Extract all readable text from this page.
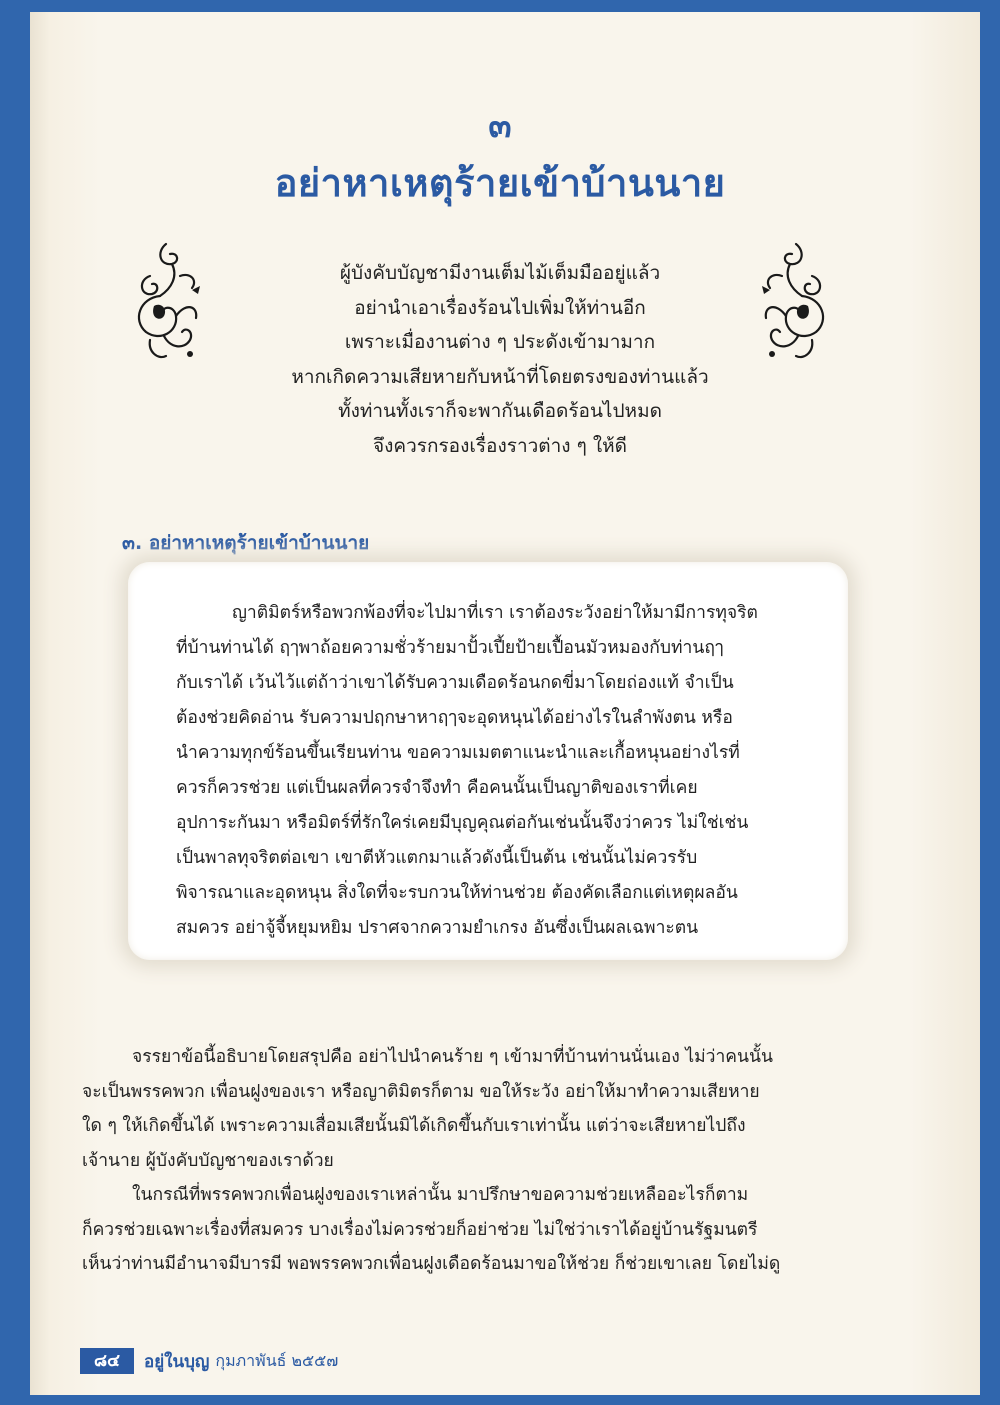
๓
อย่าหาเหตุร้ายเข้าบ้านนาย
ผู้บังคับบัญชามีงานเต็มไม้เต็มมืออยู่แล้ว
อย่านำเอาเรื่องร้อนไปเพิ่มให้ท่านอีก
เพราะเมื่องานต่าง ๆ ประดังเข้ามามาก
หากเกิดความเสียหายกับหน้าที่โดยตรงของท่านแล้ว
ทั้งท่านทั้งเราก็จะพากันเดือดร้อนไปหมด
จึงควรกรองเรื่องราวต่าง ๆ ให้ดี
๓. อย่าหาเหตุร้ายเข้าบ้านนาย
ญาติมิตร์หรือพวกพ้องที่จะไปมาที่เรา เราต้องระวังอย่าให้มามีการทุจริต
ที่บ้านท่านได้ ฤๅพาถ้อยความชั่วร้ายมาปั้วเปี้ยป้ายเปื้อนมัวหมองกับท่านฤๅ
กับเราได้ เว้นไว้แต่ถ้าว่าเขาได้รับความเดือดร้อนกดขี่มาโดยถ่องแท้ จำเป็น
ต้องช่วยคิดอ่าน รับความปฤกษาหาฤๅจะอุดหนุนได้อย่างไรในลำพังตน หรือ
นำความทุกข์ร้อนขึ้นเรียนท่าน ขอความเมตตาแนะนำและเกื้อหนุนอย่างไรที่
ควรก็ควรช่วย แต่เป็นผลที่ควรจำจึงทำ คือคนนั้นเป็นญาติของเราที่เคย
อุปการะกันมา หรือมิตร์ที่รักใคร่เคยมีบุญคุณต่อกันเช่นนั้นจึงว่าควร ไม่ใช่เช่น
เป็นพาลทุจริตต่อเขา เขาตีหัวแตกมาแล้วดังนี้เป็นต้น เช่นนั้นไม่ควรรับ
พิจารณาและอุดหนุน สิ่งใดที่จะรบกวนให้ท่านช่วย ต้องคัดเลือกแต่เหตุผลอัน
สมควร อย่าจู้จี้หยุมหยิม ปราศจากความยำเกรง อันซึ่งเป็นผลเฉพาะตน
จรรยาข้อนี้อธิบายโดยสรุปคือ อย่าไปนำคนร้าย ๆ เข้ามาที่บ้านท่านนั่นเอง ไม่ว่าคนนั้น
จะเป็นพรรคพวก เพื่อนฝูงของเรา หรือญาติมิตรก็ตาม ขอให้ระวัง อย่าให้มาทำความเสียหาย
ใด ๆ ให้เกิดขึ้นได้ เพราะความเสื่อมเสียนั้นมิได้เกิดขึ้นกับเราเท่านั้น แต่ว่าจะเสียหายไปถึง
เจ้านาย ผู้บังคับบัญชาของเราด้วย
ในกรณีที่พรรคพวกเพื่อนฝูงของเราเหล่านั้น มาปรึกษาขอความช่วยเหลืออะไรก็ตาม
ก็ควรช่วยเฉพาะเรื่องที่สมควร บางเรื่องไม่ควรช่วยก็อย่าช่วย ไม่ใช่ว่าเราได้อยู่บ้านรัฐมนตรี
เห็นว่าท่านมีอำนาจมีบารมี พอพรรคพวกเพื่อนฝูงเดือดร้อนมาขอให้ช่วย ก็ช่วยเขาเลย โดยไม่ดู
๘๔	อยู่ในบุญ กุมภาพันธ์ ๒๕๕๗
